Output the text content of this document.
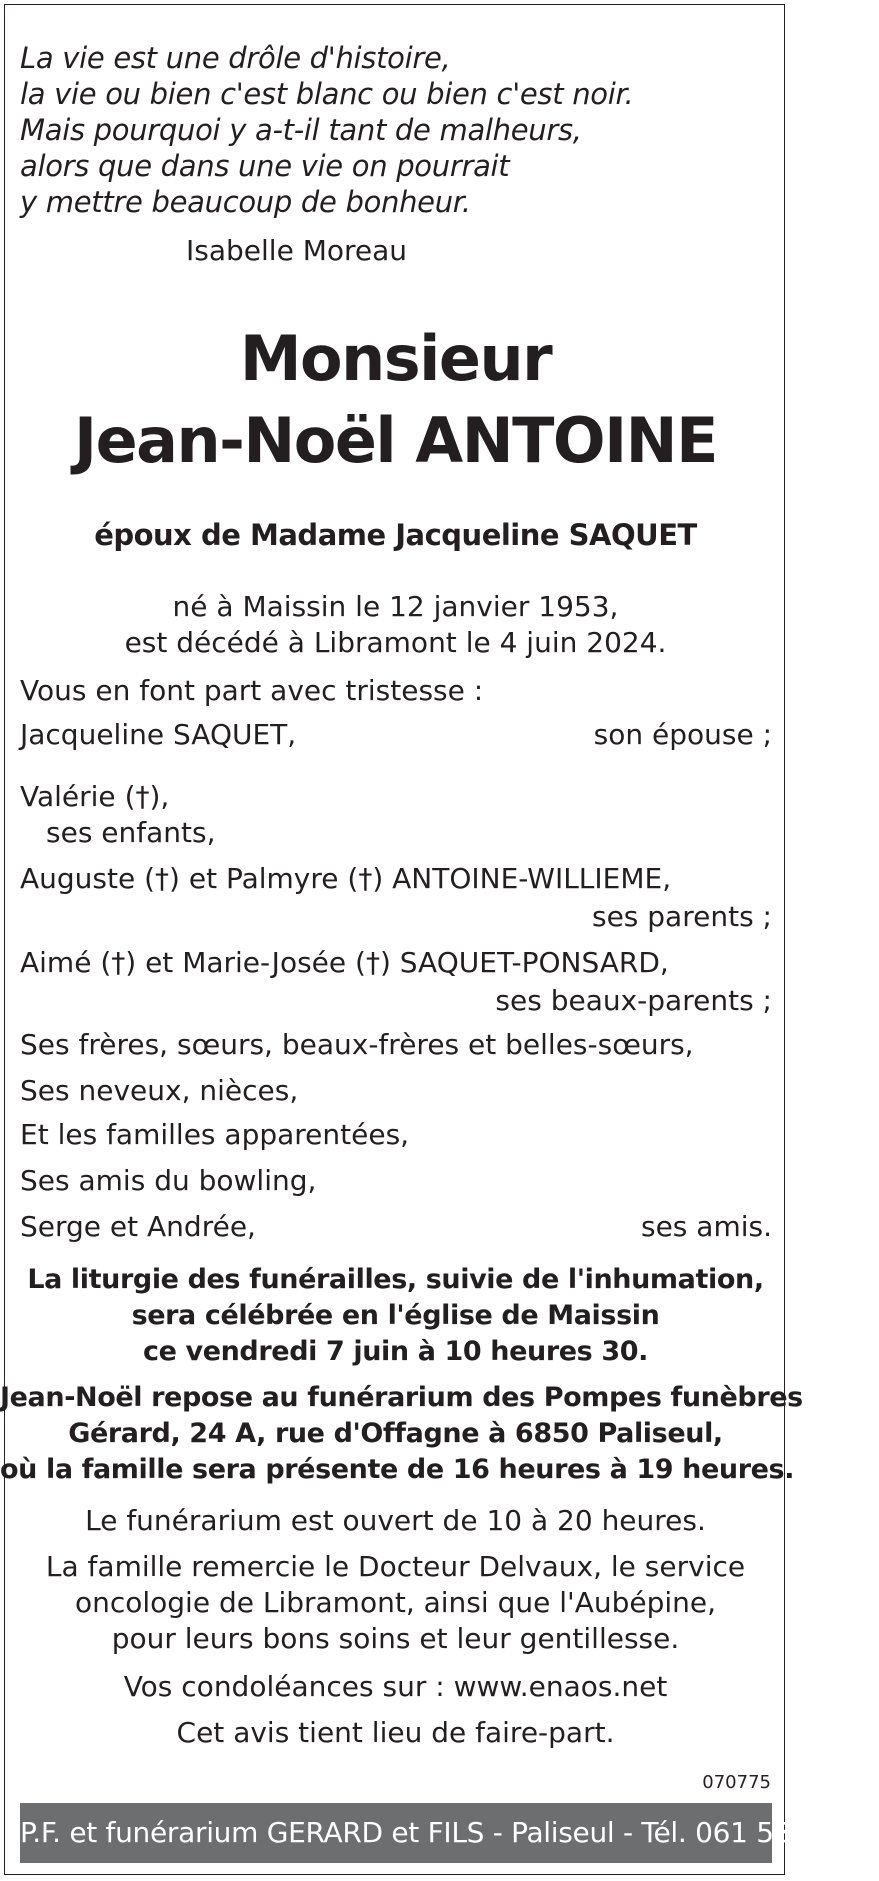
La vie est une drôle d'histoire,
la vie ou bien c'est blanc ou bien c'est noir.
Mais pourquoi y a-t-il tant de malheurs,
alors que dans une vie on pourrait
y mettre beaucoup de bonheur.
Isabelle Moreau
Monsieur
Jean-Noël ANTOINE
époux de Madame Jacqueline SAQUET
né à Maissin le 12 janvier 1953,
est décédé à Libramont le 4 juin 2024.
Vous en font part avec tristesse :
Jacqueline SAQUET,	son épouse ;
Valérie (†),
ses enfants,
Auguste (†) et Palmyre (†) ANTOINE-WILLIEME,
ses parents ;
Aimé (†) et Marie-Josée (†) SAQUET-PONSARD,
ses beaux-parents ;
Ses frères, sœurs, beaux-frères et belles-sœurs,
Ses neveux, nièces,
Et les familles apparentées,
Ses amis du bowling,
Serge et Andrée,	ses amis.
La liturgie des funérailles, suivie de l'inhumation,
sera célébrée en l'église de Maissin
ce vendredi 7 juin à 10 heures 30.
Jean-Noël repose au funérarium des Pompes funèbres
Gérard, 24 A, rue d'Offagne à 6850 Paliseul,
où la famille sera présente de 16 heures à 19 heures.
Le funérarium est ouvert de 10 à 20 heures.
La famille remercie le Docteur Delvaux, le service
oncologie de Libramont, ainsi que l'Aubépine,
pour leurs bons soins et leur gentillesse.
Vos condoléances sur : www.enaos.net
Cet avis tient lieu de faire-part.
070775
P.F. et funérarium GERARD et FILS - Paliseul - Tél. 061 53 32 84
